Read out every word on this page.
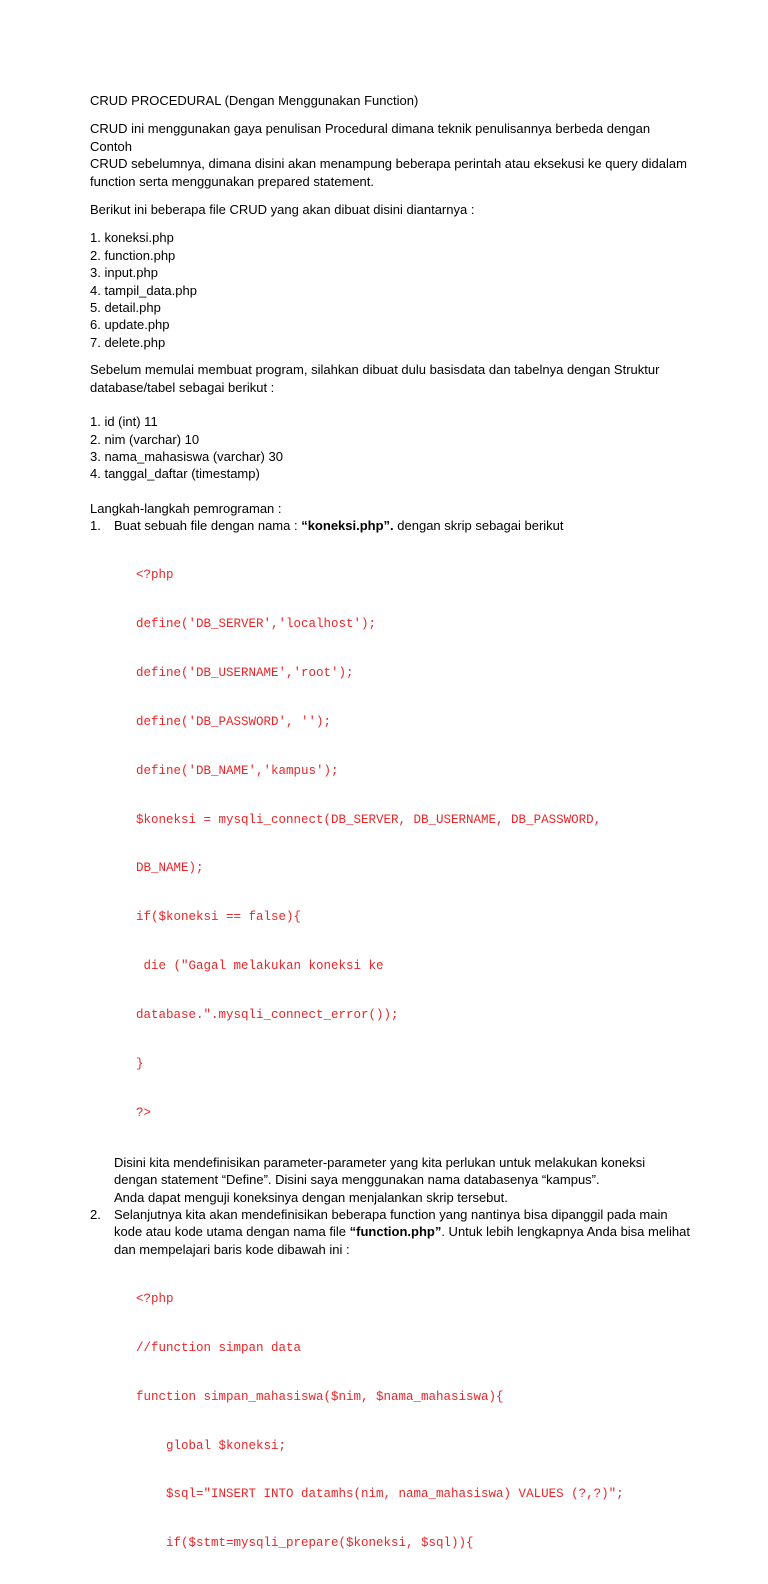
CRUD PROCEDURAL (Dengan Menggunakan Function)

CRUD ini menggunakan gaya penulisan Procedural dimana teknik penulisannya berbeda dengan Contoh
CRUD sebelumnya, dimana disini akan menampung beberapa perintah atau eksekusi ke query didalam
function serta menggunakan prepared statement.

Berikut ini beberapa file CRUD yang akan dibuat disini diantarnya :

1. koneksi.php
2. function.php
3. input.php
4. tampil_data.php
5. detail.php
6. update.php
7. delete.php
Sebelum memulai membuat program, silahkan dibuat dulu basisdata dan tabelnya dengan Struktur
database/tabel sebagai berikut :
1. id (int) 11
2. nim (varchar) 10
3. nama_mahasiswa (varchar) 30
4. tanggal_daftar (timestamp)

Langkah-langkah pemrograman :

1. Buat sebuah file dengan nama : “koneksi.php”. dengan skrip sebagai berikut

<?php

define('DB_SERVER','localhost');

define('DB_USERNAME','root');

define('DB_PASSWORD', '');

define('DB_NAME','kampus');

$koneksi = mysqli_connect(DB_SERVER, DB_USERNAME, DB_PASSWORD,

DB_NAME);

if($koneksi == false){

die ("Gagal melakukan koneksi ke

database.".mysqli_connect_error());

}

?>

Disini kita mendefinisikan parameter-parameter yang kita perlukan untuk melakukan koneksi
dengan statement “Define”. Disini saya menggunakan nama databasenya “kampus”.
Anda dapat menguji koneksinya dengan menjalankan skrip tersebut.
2. Selanjutnya kita akan mendefinisikan beberapa function yang nantinya bisa dipanggil pada main
kode atau kode utama dengan nama file “function.php”. Untuk lebih lengkapnya Anda bisa melihat
dan mempelajari baris kode dibawah ini :

<?php

//function simpan data

function simpan_mahasiswa($nim, $nama_mahasiswa){

global $koneksi;

$sql="INSERT INTO datamhs(nim, nama_mahasiswa) VALUES (?,?)";

if($stmt=mysqli_prepare($koneksi, $sql)){
